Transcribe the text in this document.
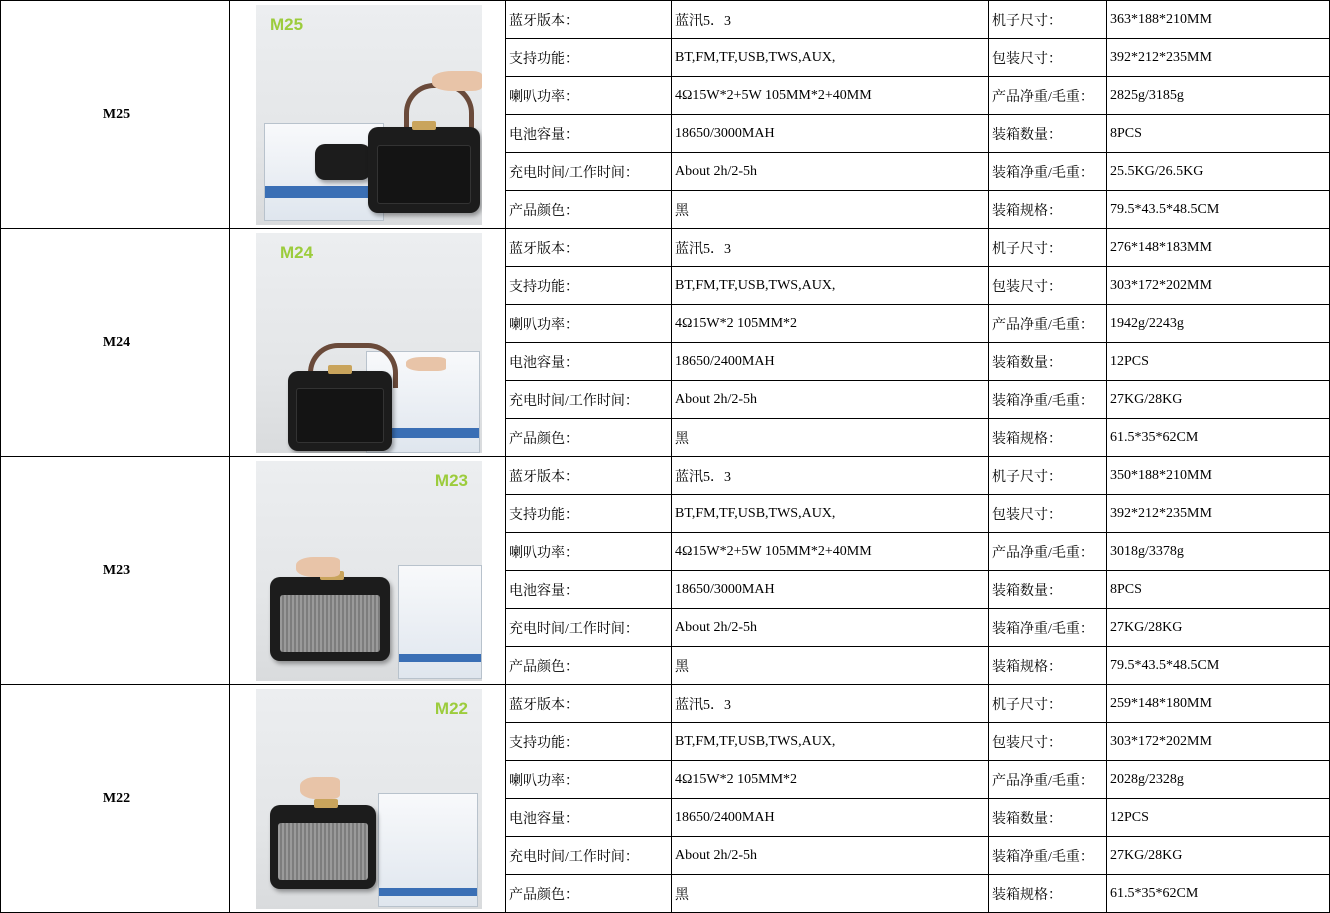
M25	M25	蓝牙版本：	蓝汛5．3	机子尺寸：	363*188*210MM
		支持功能：	BT,FM,TF,USB,TWS,AUX,	包装尺寸：	392*212*235MM
		喇叭功率：	4Ω15W*2+5W 105MM*2+40MM	产品净重/毛重：	2825g/3185g
		电池容量：	18650/3000MAH	装箱数量：	8PCS
		充电时间/工作时间：	About 2h/2-5h	装箱净重/毛重：	25.5KG/26.5KG
		产品颜色：	黑	装箱规格：	79.5*43.5*48.5CM
M24	M24	蓝牙版本：	蓝汛5．3	机子尺寸：	276*148*183MM
		支持功能：	BT,FM,TF,USB,TWS,AUX,	包装尺寸：	303*172*202MM
		喇叭功率：	4Ω15W*2 105MM*2	产品净重/毛重：	1942g/2243g
		电池容量：	18650/2400MAH	装箱数量：	12PCS
		充电时间/工作时间：	About 2h/2-5h	装箱净重/毛重：	27KG/28KG
		产品颜色：	黑	装箱规格：	61.5*35*62CM
M23	M23	蓝牙版本：	蓝汛5．3	机子尺寸：	350*188*210MM
		支持功能：	BT,FM,TF,USB,TWS,AUX,	包装尺寸：	392*212*235MM
		喇叭功率：	4Ω15W*2+5W 105MM*2+40MM	产品净重/毛重：	3018g/3378g
		电池容量：	18650/3000MAH	装箱数量：	8PCS
		充电时间/工作时间：	About 2h/2-5h	装箱净重/毛重：	27KG/28KG
		产品颜色：	黑	装箱规格：	79.5*43.5*48.5CM
M22	M22	蓝牙版本：	蓝汛5．3	机子尺寸：	259*148*180MM
		支持功能：	BT,FM,TF,USB,TWS,AUX,	包装尺寸：	303*172*202MM
		喇叭功率：	4Ω15W*2 105MM*2	产品净重/毛重：	2028g/2328g
		电池容量：	18650/2400MAH	装箱数量：	12PCS
		充电时间/工作时间：	About 2h/2-5h	装箱净重/毛重：	27KG/28KG
		产品颜色：	黑	装箱规格：	61.5*35*62CM
